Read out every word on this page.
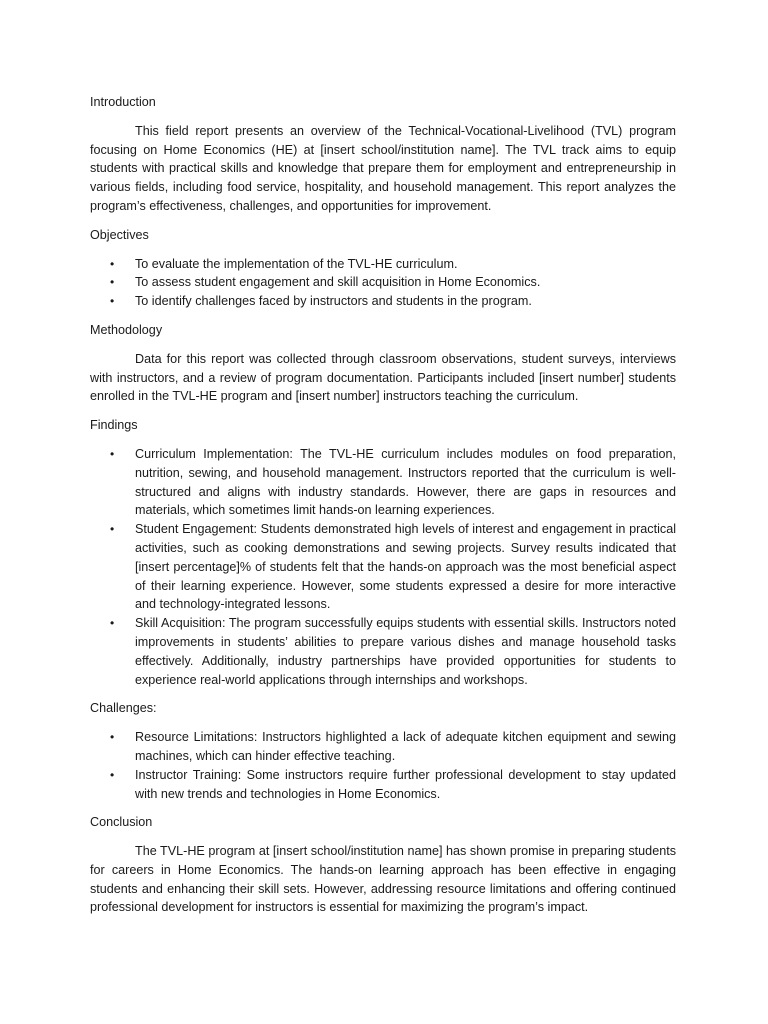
Introduction

This field report presents an overview of the Technical-Vocational-Livelihood (TVL) program focusing on Home Economics (HE) at [insert school/institution name]. The TVL track aims to equip students with practical skills and knowledge that prepare them for employment and entrepreneurship in various fields, including food service, hospitality, and household management. This report analyzes the program’s effectiveness, challenges, and opportunities for improvement.

Objectives

• To evaluate the implementation of the TVL-HE curriculum.
• To assess student engagement and skill acquisition in Home Economics.
• To identify challenges faced by instructors and students in the program.

Methodology

Data for this report was collected through classroom observations, student surveys, interviews with instructors, and a review of program documentation. Participants included [insert number] students enrolled in the TVL-HE program and [insert number] instructors teaching the curriculum.

Findings

• Curriculum Implementation: The TVL-HE curriculum includes modules on food preparation, nutrition, sewing, and household management. Instructors reported that the curriculum is well-structured and aligns with industry standards. However, there are gaps in resources and materials, which sometimes limit hands-on learning experiences.
• Student Engagement: Students demonstrated high levels of interest and engagement in practical activities, such as cooking demonstrations and sewing projects. Survey results indicated that [insert percentage]% of students felt that the hands-on approach was the most beneficial aspect of their learning experience. However, some students expressed a desire for more interactive and technology-integrated lessons.
• Skill Acquisition: The program successfully equips students with essential skills. Instructors noted improvements in students’ abilities to prepare various dishes and manage household tasks effectively. Additionally, industry partnerships have provided opportunities for students to experience real-world applications through internships and workshops.

Challenges:

• Resource Limitations: Instructors highlighted a lack of adequate kitchen equipment and sewing machines, which can hinder effective teaching.
• Instructor Training: Some instructors require further professional development to stay updated with new trends and technologies in Home Economics.

Conclusion

The TVL-HE program at [insert school/institution name] has shown promise in preparing students for careers in Home Economics. The hands-on learning approach has been effective in engaging students and enhancing their skill sets. However, addressing resource limitations and offering continued professional development for instructors is essential for maximizing the program’s impact.
